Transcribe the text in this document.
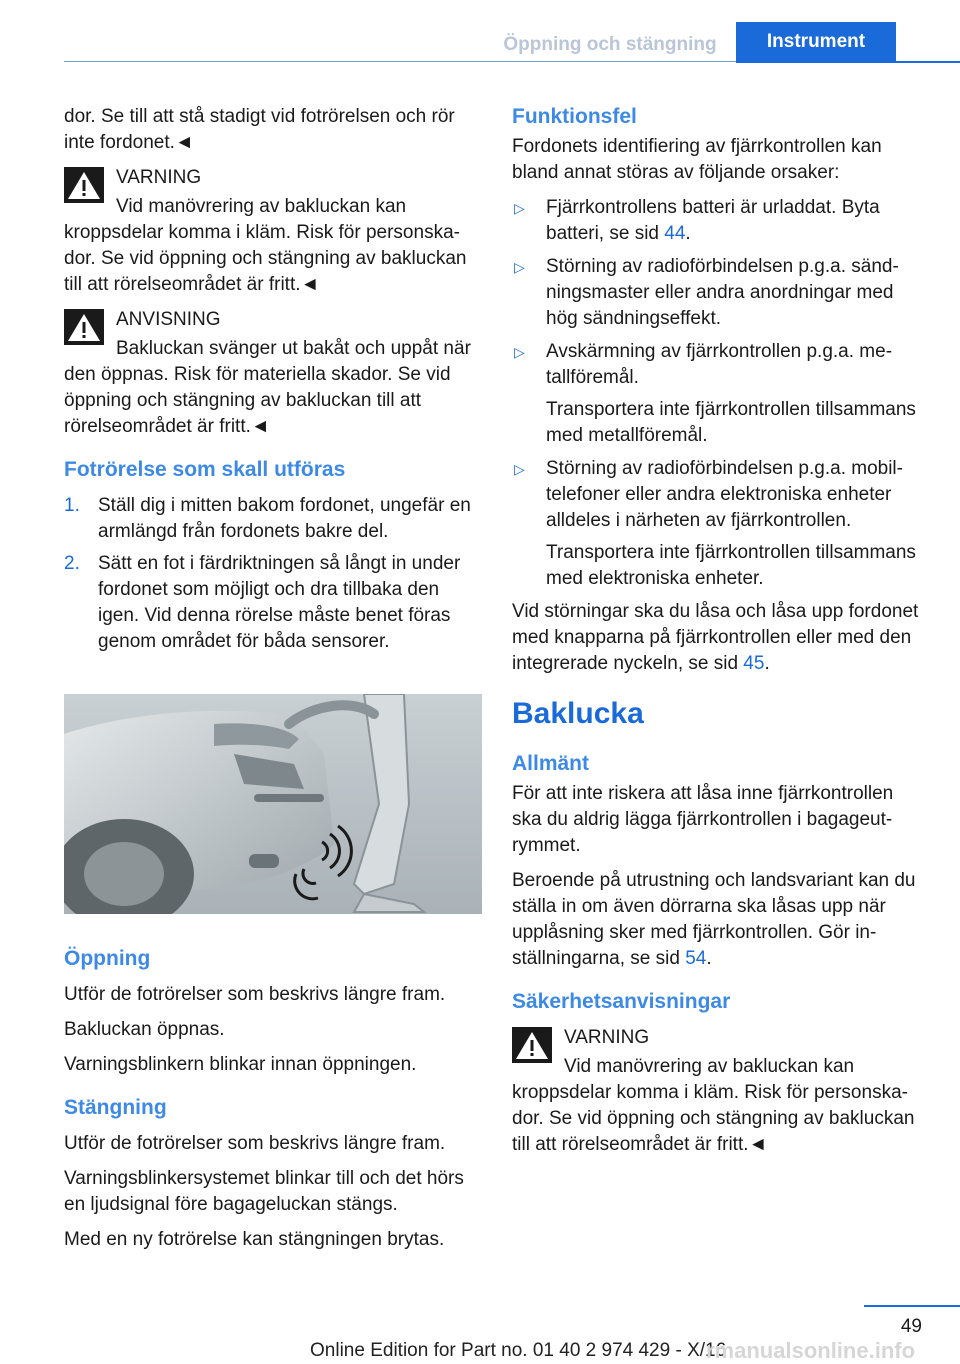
Öppning och stängning	Instrument

dor. Se till att stå stadigt vid fotrörelsen och rör inte fordonet.◄

VARNING
Vid manövrering av bakluckan kan kroppsdelar komma i kläm. Risk för personskador. Se vid öppning och stängning av bakluckan till att rörelseområdet är fritt.◄
ANVISNING
Bakluckan svänger ut bakåt och uppåt när den öppnas. Risk för materiella skador. Se vid öppning och stängning av bakluckan till att rörelseområdet är fritt.◄
Fotrörelse som skall utföras
1. Ställ dig i mitten bakom fordonet, ungefär en armlängd från fordonets bakre del.
2. Sätt en fot i färdriktningen så långt in under fordonet som möjligt och dra tillbaka den igen. Vid denna rörelse måste benet föras genom området för båda sensorer.
Öppning

Utför de fotrörelser som beskrivs längre fram.

Bakluckan öppnas.

Varningsblinkern blinkar innan öppningen.

Stängning

Utför de fotrörelser som beskrivs längre fram.

Varningsblinkersystemet blinkar till och det hörs en ljudsignal före bagageluckan stängs.

Med en ny fotrörelse kan stängningen brytas.

Funktionsfel

Fordonets identifiering av fjärrkontrollen kan bland annat störas av följande orsaker:

▷ Fjärrkontrollens batteri är urladdat. Byta batteri, se sid 44.
▷ Störning av radioförbindelsen p.g.a. sändningsmaster eller andra anordningar med hög sändningseffekt.
▷ Avskärmning av fjärrkontrollen p.g.a. metallföremål.
Transportera inte fjärrkontrollen tillsammans med metallföremål.
▷ Störning av radioförbindelsen p.g.a. mobiltelefoner eller andra elektroniska enheter alldeles i närheten av fjärrkontrollen.
Transportera inte fjärrkontrollen tillsammans med elektroniska enheter.

Vid störningar ska du låsa och låsa upp fordonet med knapparna på fjärrkontrollen eller med den integrerade nyckeln, se sid 45.

Baklucka
Allmänt

För att inte riskera att låsa inne fjärrkontrollen ska du aldrig lägga fjärrkontrollen i bagageutrymmet.

Beroende på utrustning och landsvariant kan du ställa in om även dörrarna ska låsas upp när upplåsning sker med fjärrkontrollen. Gör inställningarna, se sid 54.

Säkerhetsanvisningar
VARNING
Vid manövrering av bakluckan kan kroppsdelar komma i kläm. Risk för personskador. Se vid öppning och stängning av bakluckan till att rörelseområdet är fritt.◄
49
Online Edition for Part no. 01 40 2 974 429 - X/16
rmanualsonline.info
